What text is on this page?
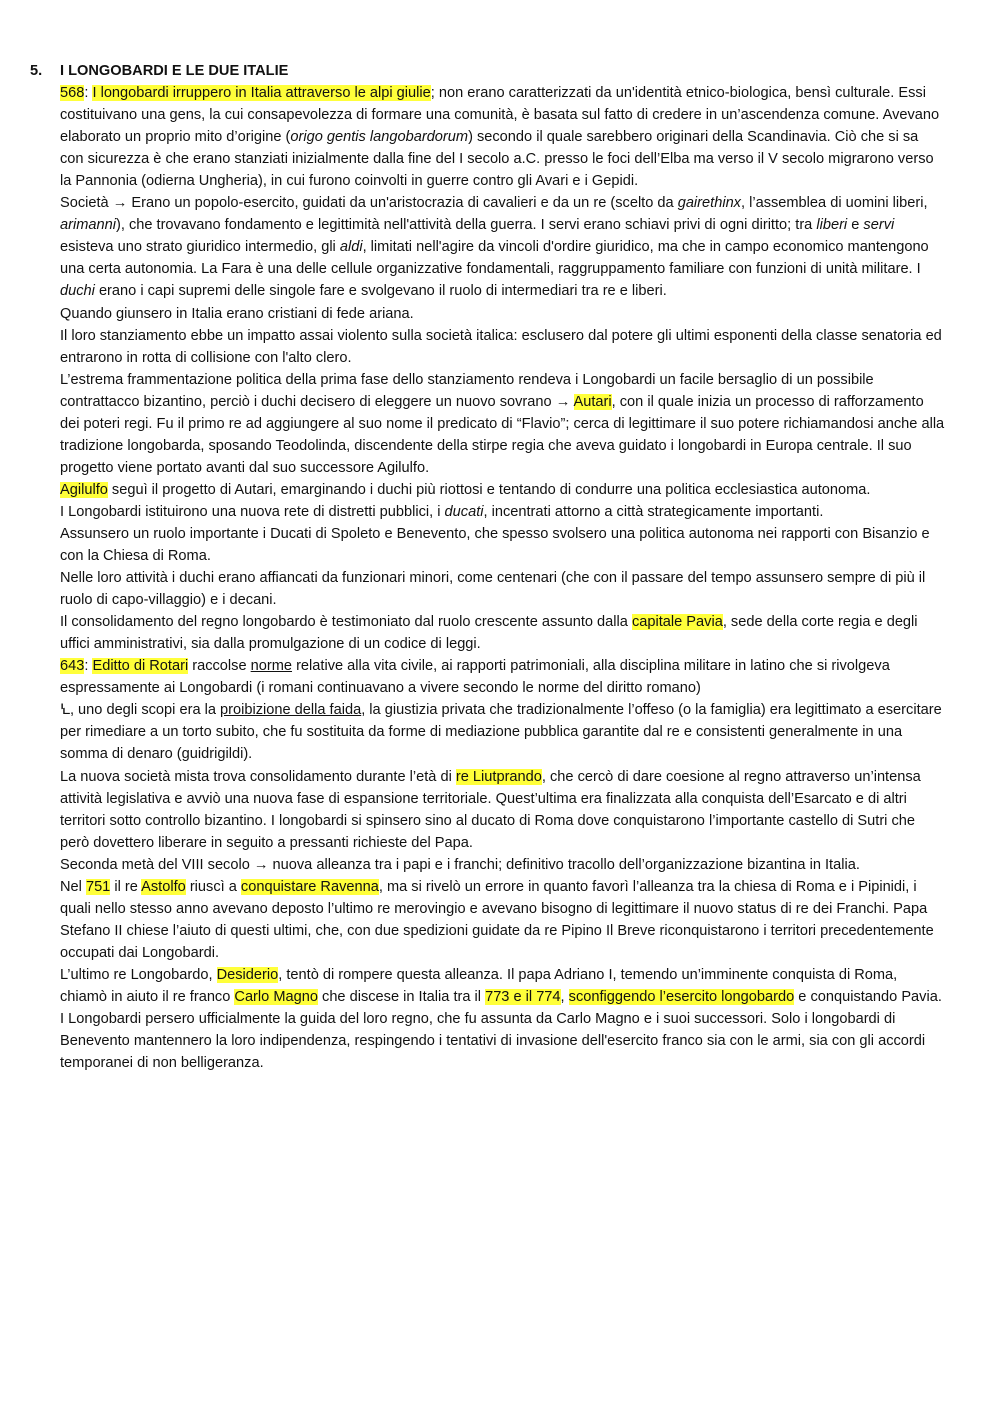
5.	I LONGOBARDI E LE DUE ITALIE

568: I longobardi irruppero in Italia attraverso le alpi giulie; non erano caratterizzati da un'identità etnico-biologica, bensì culturale. Essi costituivano una gens, la cui consapevolezza di formare una comunità, è basata sul fatto di credere in un’ascendenza comune. Avevano elaborato un proprio mito d’origine (origo gentis langobardorum) secondo il quale sarebbero originari della Scandinavia. Ciò che si sa con sicurezza è che erano stanziati inizialmente dalla fine del I secolo a.C. presso le foci dell’Elba ma verso il V secolo migrarono verso la Pannonia (odierna Ungheria), in cui furono coinvolti in guerre contro gli Avari e i Gepidi.

Società → Erano un popolo-esercito, guidati da un'aristocrazia di cavalieri e da un re (scelto da gairethinx, l’assemblea di uomini liberi, arimanni), che trovavano fondamento e legittimità nell'attività della guerra. I servi erano schiavi privi di ogni diritto; tra liberi e servi esisteva uno strato giuridico intermedio, gli aldi, limitati nell'agire da vincoli d'ordire giuridico, ma che in campo economico mantengono una certa autonomia. La Fara è una delle cellule organizzative fondamentali, raggruppamento familiare con funzioni di unità militare. I duchi erano i capi supremi delle singole fare e svolgevano il ruolo di intermediari tra re e liberi.

Quando giunsero in Italia erano cristiani di fede ariana.

Il loro stanziamento ebbe un impatto assai violento sulla società italica: esclusero dal potere gli ultimi esponenti della classe senatoria ed entrarono in rotta di collisione con l'alto clero.

L’estrema frammentazione politica della prima fase dello stanziamento rendeva i Longobardi un facile bersaglio di un possibile contrattacco bizantino, perciò i duchi decisero di eleggere un nuovo sovrano → Autari, con il quale inizia un processo di rafforzamento dei poteri regi. Fu il primo re ad aggiungere al suo nome il predicato di “Flavio”; cerca di legittimare il suo potere richiamandosi anche alla tradizione longobarda, sposando Teodolinda, discendente della stirpe regia che aveva guidato i longobardi in Europa centrale. Il suo progetto viene portato avanti dal suo successore Agilulfo.

Agilulfo seguì il progetto di Autari, emarginando i duchi più riottosi e tentando di condurre una politica ecclesiastica autonoma.

I Longobardi istituirono una nuova rete di distretti pubblici, i ducati, incentrati attorno a città strategicamente importanti.

Assunsero un ruolo importante i Ducati di Spoleto e Benevento, che spesso svolsero una politica autonoma nei rapporti con Bisanzio e con la Chiesa di Roma.

Nelle loro attività i duchi erano affiancati da funzionari minori, come centenari (che con il passare del tempo assunsero sempre di più il ruolo di capo-villaggio) e i decani.

Il consolidamento del regno longobardo è testimoniato dal ruolo crescente assunto dalla capitale Pavia, sede della corte regia e degli uffici amministrativi, sia dalla promulgazione di un codice di leggi.

643: Editto di Rotari raccolse norme relative alla vita civile, ai rapporti patrimoniali, alla disciplina militare in latino che si rivolgeva espressamente ai Longobardi (i romani continuavano a vivere secondo le norme del diritto romano)

Ꝇ, uno degli scopi era la proibizione della faida, la giustizia privata che tradizionalmente l’offeso (o la famiglia) era legittimato a esercitare per rimediare a un torto subito, che fu sostituita da forme di mediazione pubblica garantite dal re e consistenti generalmente in una somma di denaro (guidrigildi).

La nuova società mista trova consolidamento durante l’età di re Liutprando, che cercò di dare coesione al regno attraverso un’intensa attività legislativa e avviò una nuova fase di espansione territoriale. Quest’ultima era finalizzata alla conquista dell’Esarcato e di altri territori sotto controllo bizantino. I longobardi si spinsero sino al ducato di Roma dove conquistarono l’importante castello di Sutri che però dovettero liberare in seguito a pressanti richieste del Papa.

Seconda metà del VIII secolo → nuova alleanza tra i papi e i franchi; definitivo tracollo dell’organizzazione bizantina in Italia.

Nel 751 il re Astolfo riuscì a conquistare Ravenna, ma si rivelò un errore in quanto favorì l’alleanza tra la chiesa di Roma e i Pipinidi, i quali nello stesso anno avevano deposto l’ultimo re merovingio e avevano bisogno di legittimare il nuovo status di re dei Franchi. Papa Stefano II chiese l’aiuto di questi ultimi, che, con due spedizioni guidate da re Pipino Il Breve riconquistarono i territori precedentemente occupati dai Longobardi.

L’ultimo re Longobardo, Desiderio, tentò di rompere questa alleanza. Il papa Adriano I, temendo un’imminente conquista di Roma, chiamò in aiuto il re franco Carlo Magno che discese in Italia tra il 773 e il 774, sconfiggendo l’esercito longobardo e conquistando Pavia.

I Longobardi persero ufficialmente la guida del loro regno, che fu assunta da Carlo Magno e i suoi successori. Solo i longobardi di Benevento mantennero la loro indipendenza, respingendo i tentativi di invasione dell'esercito franco sia con le armi, sia con gli accordi temporanei di non belligeranza.
